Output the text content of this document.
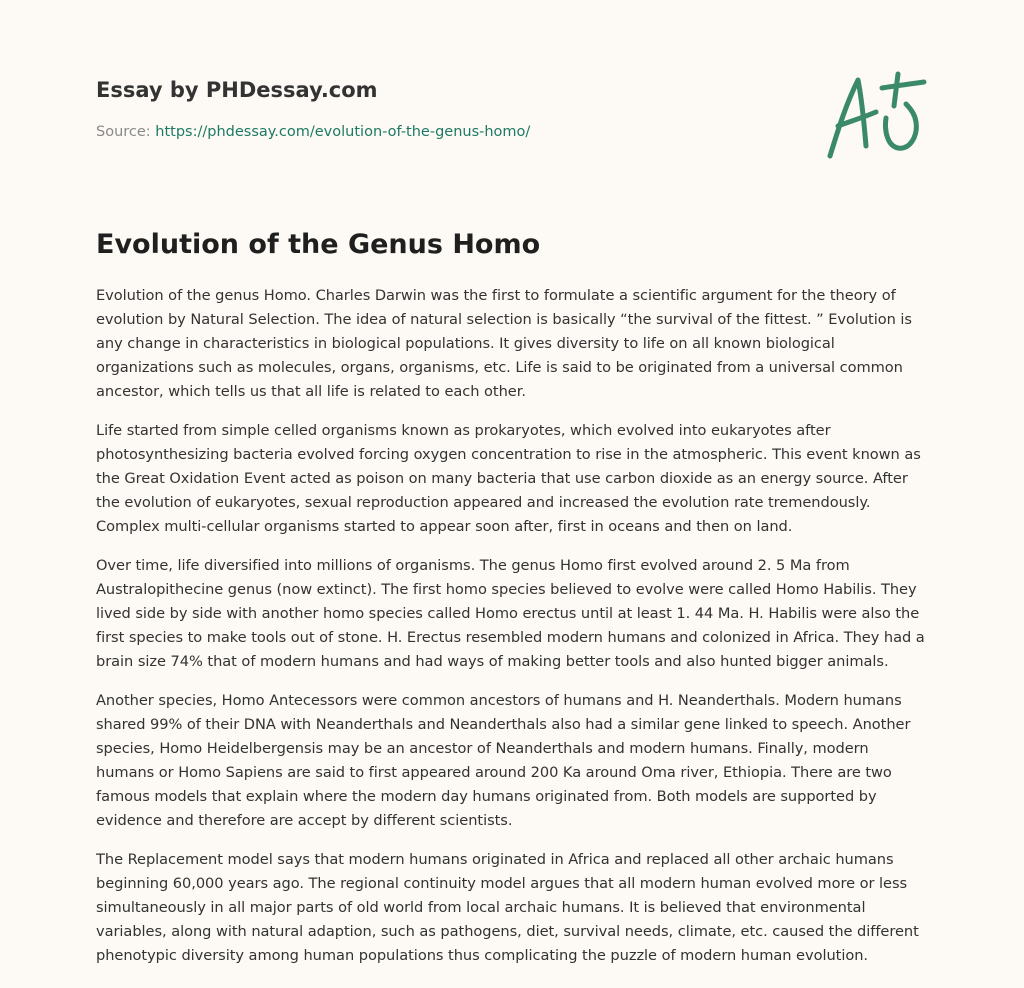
Essay by PHDessay.com
Source: https://phdessay.com/evolution-of-the-genus-homo/
Evolution of the Genus Homo

Evolution of the genus Homo. Charles Darwin was the first to formulate a scientific argument for the theory of evolution by Natural Selection. The idea of natural selection is basically “the survival of the fittest. ” Evolution is any change in characteristics in biological populations. It gives diversity to life on all known biological organizations such as molecules, organs, organisms, etc. Life is said to be originated from a universal common ancestor, which tells us that all life is related to each other.

Life started from simple celled organisms known as prokaryotes, which evolved into eukaryotes after photosynthesizing bacteria evolved forcing oxygen concentration to rise in the atmospheric. This event known as the Great Oxidation Event acted as poison on many bacteria that use carbon dioxide as an energy source. After the evolution of eukaryotes, sexual reproduction appeared and increased the evolution rate tremendously. Complex multi-cellular organisms started to appear soon after, first in oceans and then on land.

Over time, life diversified into millions of organisms. The genus Homo first evolved around 2. 5 Ma from Australopithecine genus (now extinct). The first homo species believed to evolve were called Homo Habilis. They lived side by side with another homo species called Homo erectus until at least 1. 44 Ma. H. Habilis were also the first species to make tools out of stone. H. Erectus resembled modern humans and colonized in Africa. They had a brain size 74% that of modern humans and had ways of making better tools and also hunted bigger animals.

Another species, Homo Antecessors were common ancestors of humans and H. Neanderthals. Modern humans shared 99% of their DNA with Neanderthals and Neanderthals also had a similar gene linked to speech. Another species, Homo Heidelbergensis may be an ancestor of Neanderthals and modern humans. Finally, modern humans or Homo Sapiens are said to first appeared around 200 Ka around Oma river, Ethiopia. There are two famous models that explain where the modern day humans originated from. Both models are supported by evidence and therefore are accept by different scientists.

The Replacement model says that modern humans originated in Africa and replaced all other archaic humans beginning 60,000 years ago. The regional continuity model argues that all modern human evolved more or less simultaneously in all major parts of old world from local archaic humans. It is believed that environmental variables, along with natural adaption, such as pathogens, diet, survival needs, climate, etc. caused the different phenotypic diversity among human populations thus complicating the puzzle of modern human evolution.
